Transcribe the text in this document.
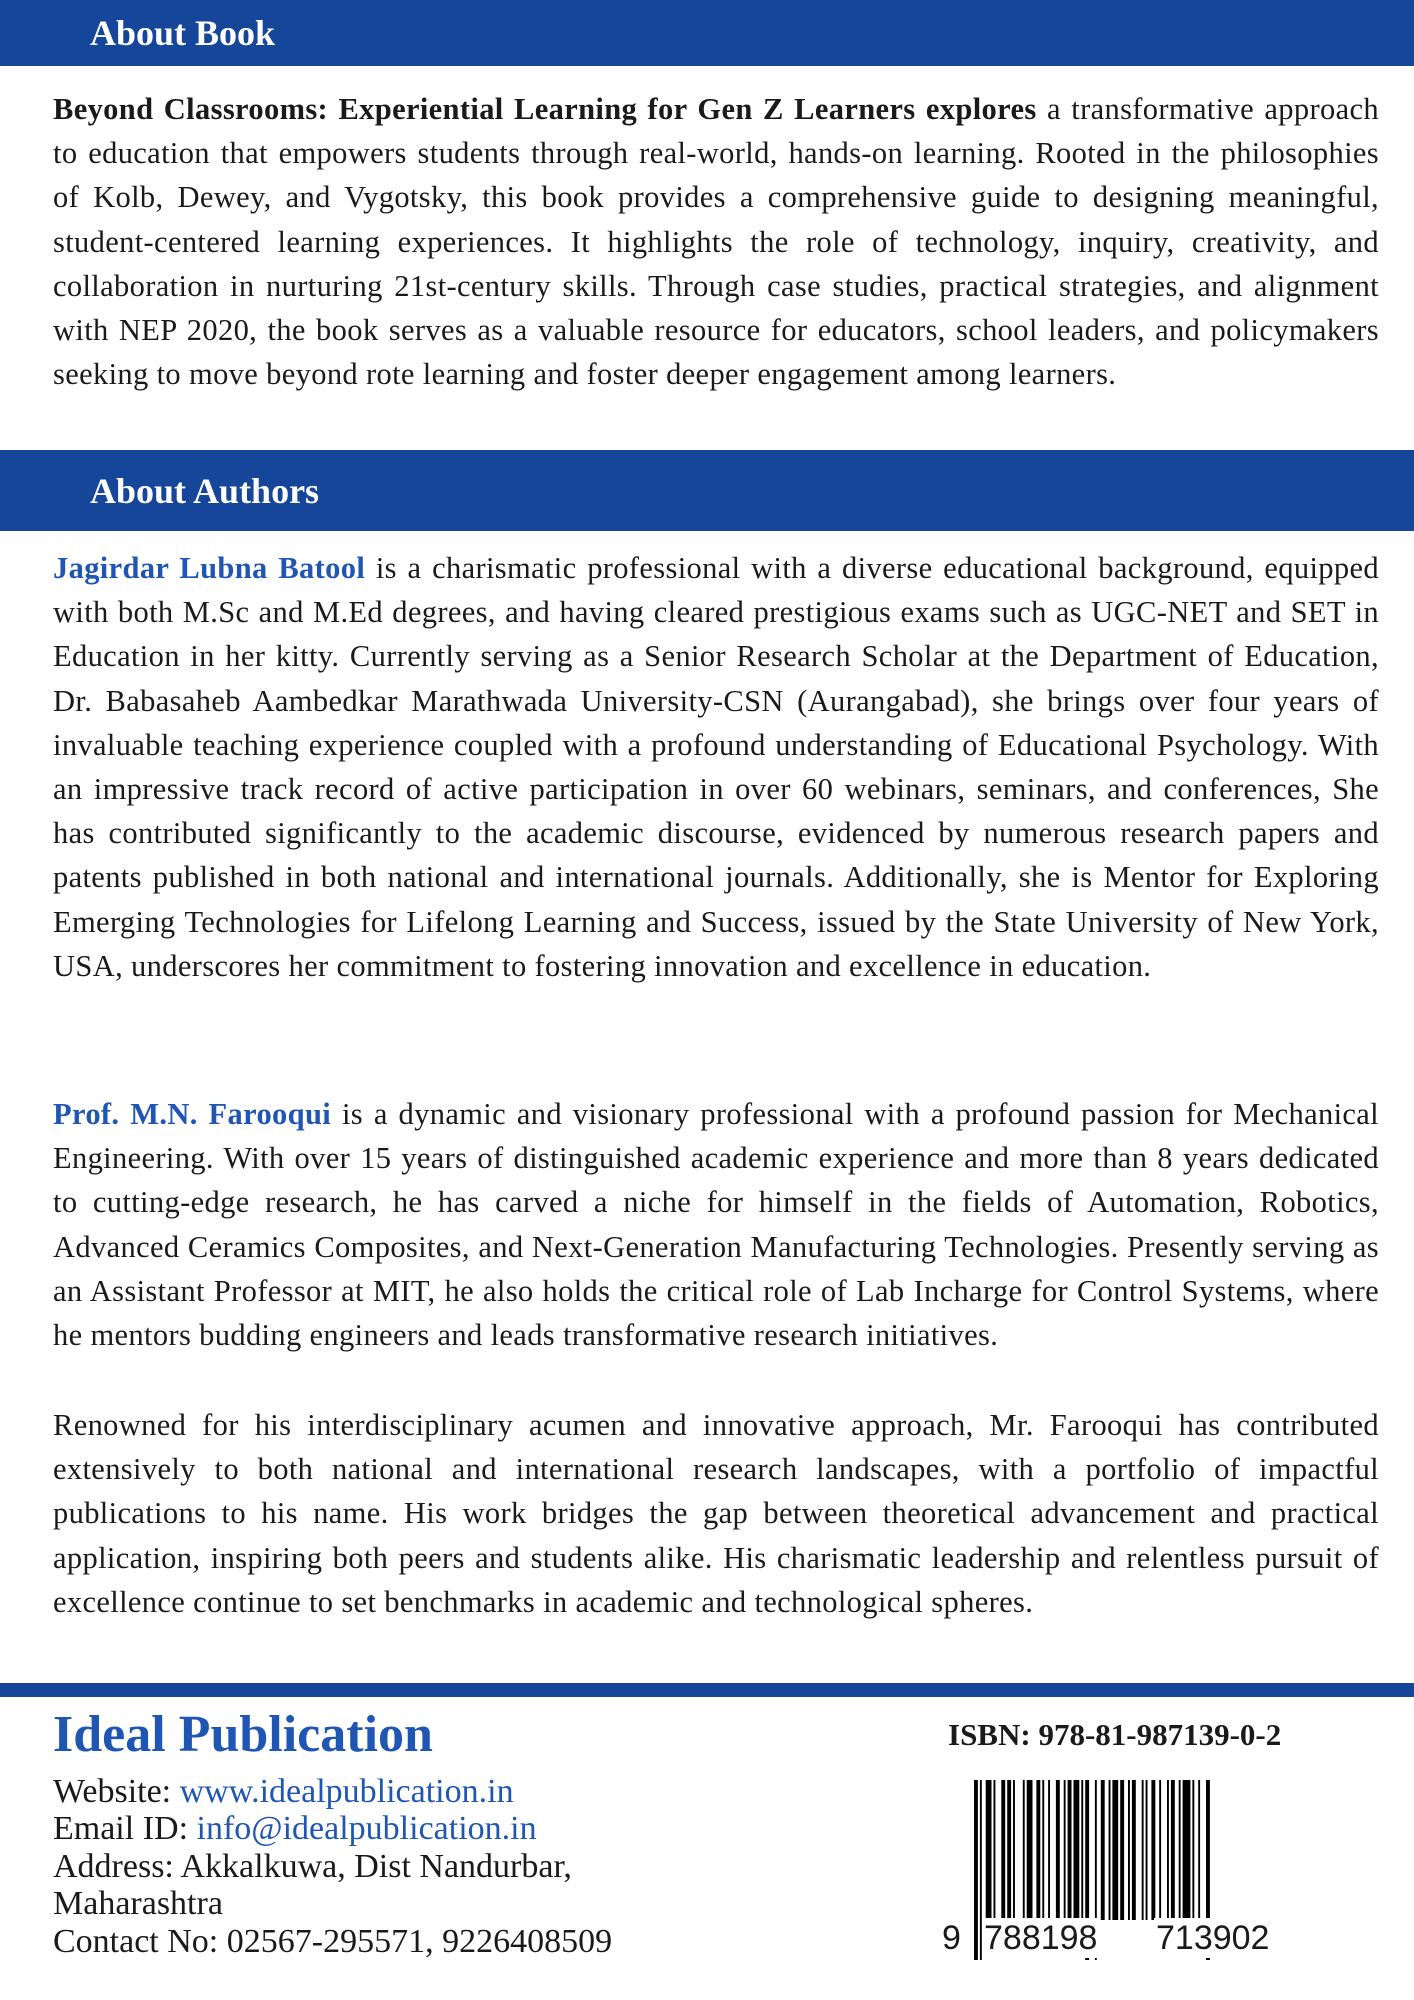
About Book

Beyond Classrooms: Experiential Learning for Gen Z Learners explores a transformative approach to education that empowers students through real-world, hands-on learning. Rooted in the philosophies of Kolb, Dewey, and Vygotsky, this book provides a comprehensive guide to designing meaningful, student-centered learning experiences. It highlights the role of technology, inquiry, creativity, and collaboration in nurturing 21st-century skills. Through case studies, practical strategies, and alignment with NEP 2020, the book serves as a valuable resource for educators, school leaders, and policymakers seeking to move beyond rote learning and foster deeper engagement among learners.

About Authors

Jagirdar Lubna Batool is a charismatic professional with a diverse educational background, equipped with both M.Sc and M.Ed degrees, and having cleared prestigious exams such as UGC-NET and SET in Education in her kitty. Currently serving as a Senior Research Scholar at the Department of Education, Dr. Babasaheb Aambedkar Marathwada University-CSN (Aurangabad), she brings over four years of invaluable teaching experience coupled with a profound understanding of Educational Psychology. With an impressive track record of active participation in over 60 webinars, seminars, and conferences, She has contributed significantly to the academic discourse, evidenced by numerous research papers and patents published in both national and international journals. Additionally, she is Mentor for Exploring Emerging Technologies for Lifelong Learning and Success, issued by the State University of New York, USA, underscores her commitment to fostering innovation and excellence in education.

Prof. M.N. Farooqui is a dynamic and visionary professional with a profound passion for Mechanical Engineering. With over 15 years of distinguished academic experience and more than 8 years dedicated to cutting-edge research, he has carved a niche for himself in the fields of Automation, Robotics, Advanced Ceramics Composites, and Next-Generation Manufacturing Technologies. Presently serving as an Assistant Professor at MIT, he also holds the critical role of Lab Incharge for Control Systems, where he mentors budding engineers and leads transformative research initiatives.

Renowned for his interdisciplinary acumen and innovative approach, Mr. Farooqui has contributed extensively to both national and international research landscapes, with a portfolio of impactful publications to his name. His work bridges the gap between theoretical advancement and practical application, inspiring both peers and students alike. His charismatic leadership and relentless pursuit of excellence continue to set benchmarks in academic and technological spheres.

Ideal Publication
Website: www.idealpublication.in
Email ID: info@idealpublication.in
Address: Akkalkuwa, Dist Nandurbar,
Maharashtra
Contact No: 02567-295571, 9226408509
ISBN: 978-81-987139-0-2
9 788198 713902
